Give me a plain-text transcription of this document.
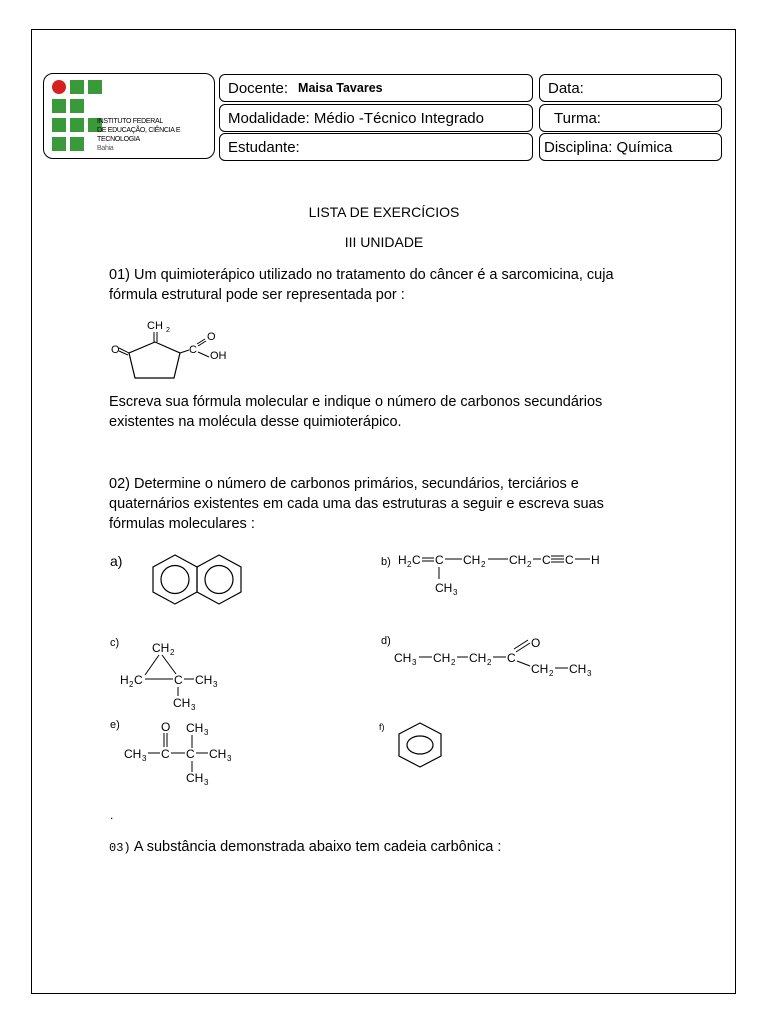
INSTITUTO FEDERAL
DE EDUCAÇÃO, CIÊNCIA E TECNOLOGIA
Bahia
Docente: Maisa Tavares
Modalidade: Médio -Técnico Integrado
Estudante:
Data:
Turma:
Disciplina: Química
LISTA DE EXERCÍCIOS
III UNIDADE
01) Um quimioterápico utilizado no tratamento do câncer é a sarcomicina, cuja
fórmula estrutural pode ser representada por :
CH 2
O	C
O
OH
Escreva sua fórmula molecular e indique o número de carbonos secundários
existentes na molécula desse quimioterápico.
02) Determine o número de carbonos primários, secundários, terciários e
quaternários existentes em cada uma das estruturas a seguir e escreva suas
fórmulas moleculares :
a)	b) H 2 C C CH 2 CH 2 C C H
CH 3
c)	CH 2
H 2 C	C CH 3
CH 3
d)
CH 3 CH 2 CH 2 C
O
CH 2 CH 3
e)	O CH 3
CH 3 C C CH 3
CH 3
f)
.
03) A substância demonstrada abaixo tem cadeia carbônica :
